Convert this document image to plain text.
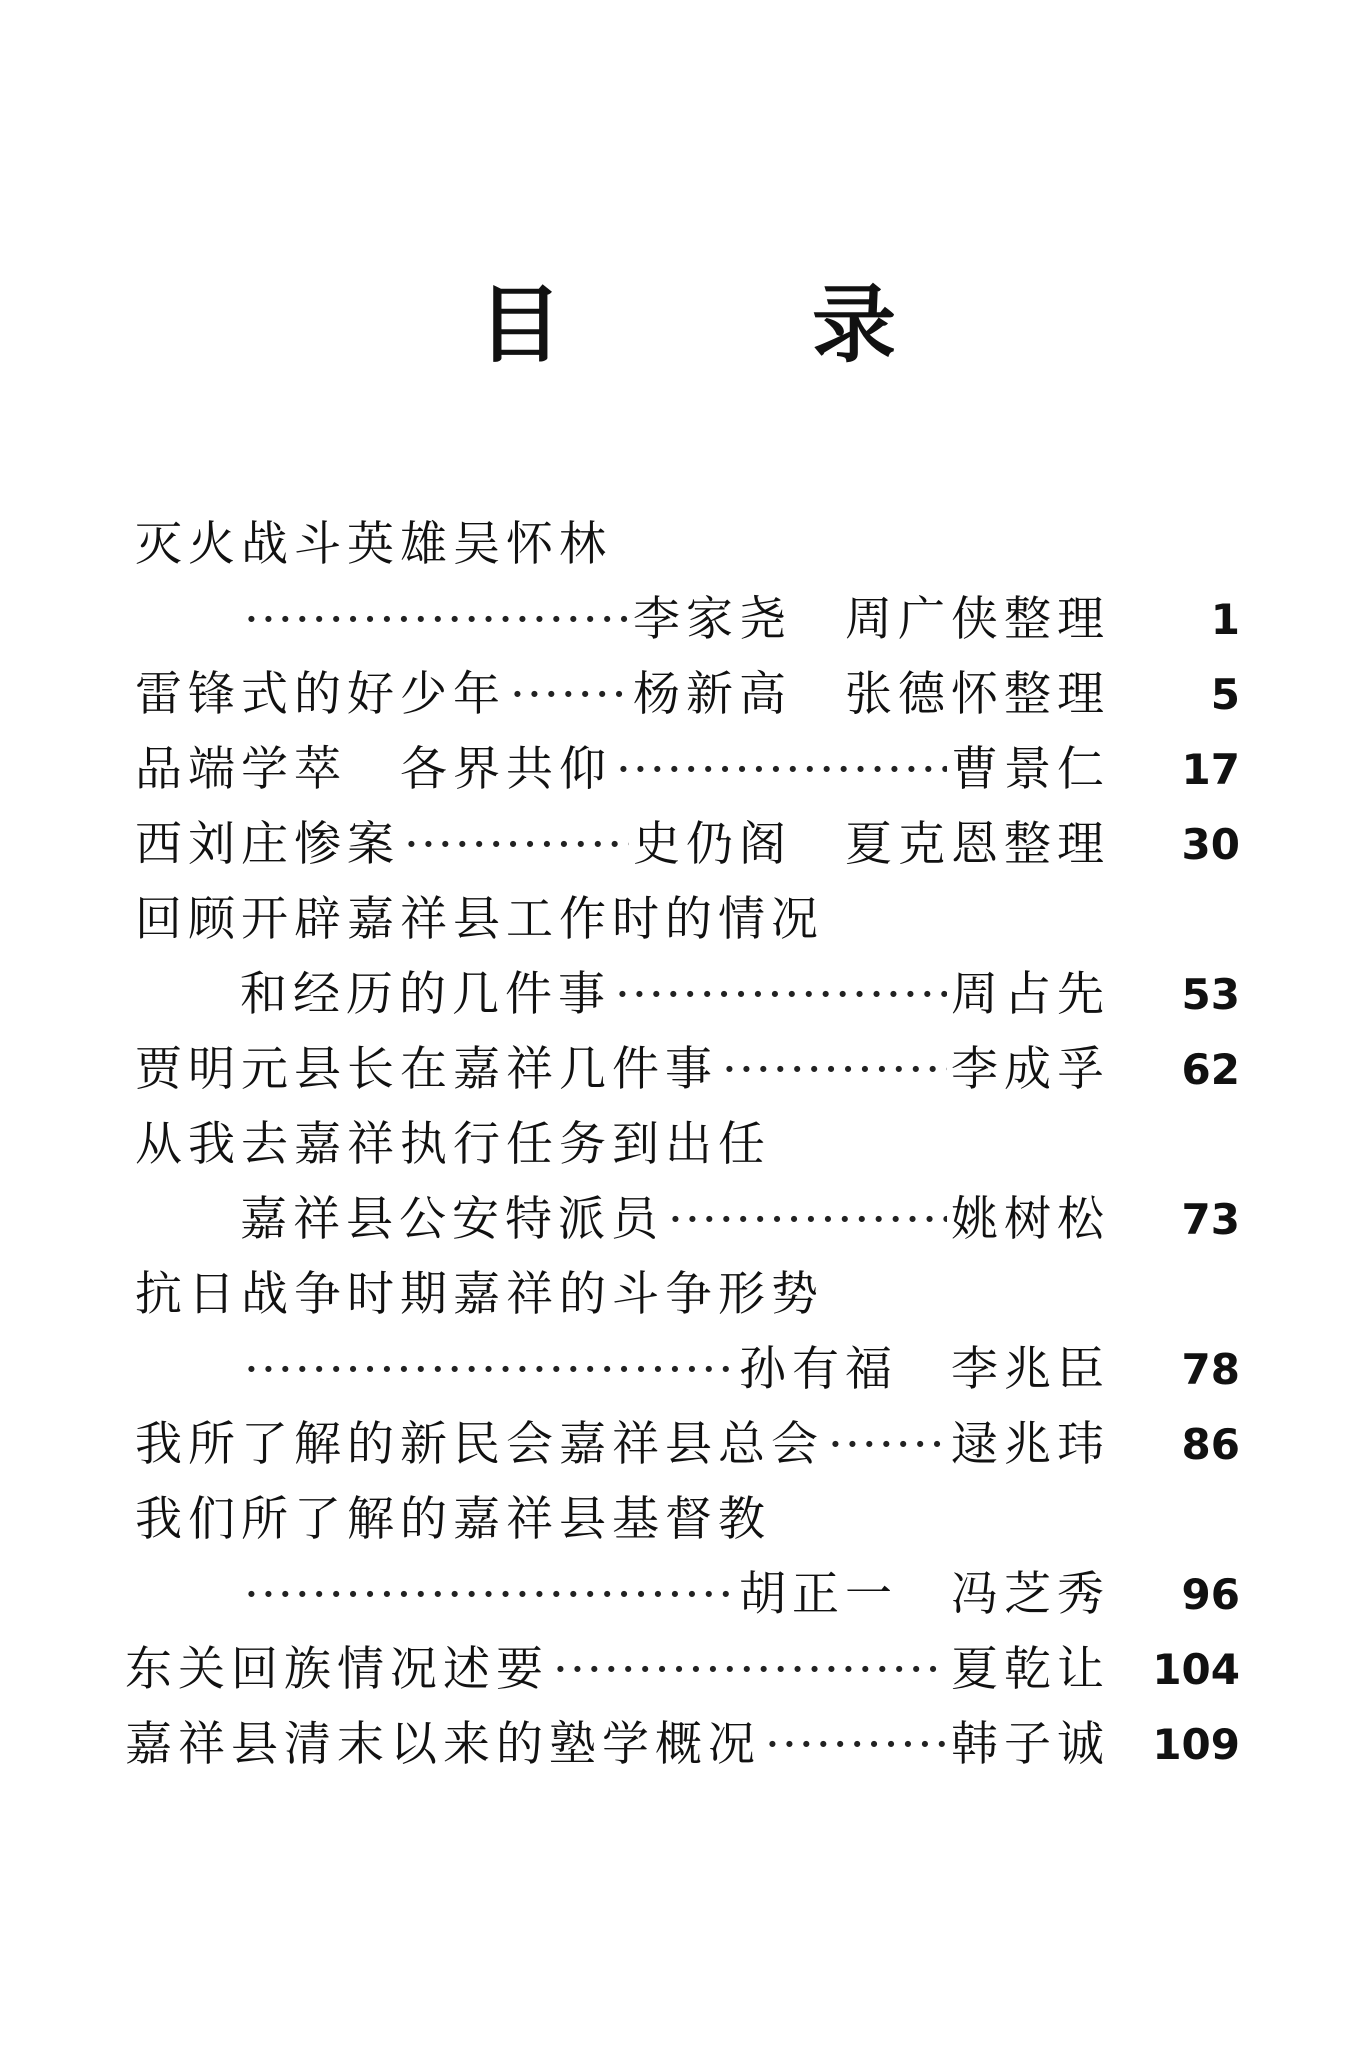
目	录
灭火战斗英雄吴怀林
·····
李家尧　周广侠整理	1
雷锋式的好少年 ·····	杨新高　张德怀整理	5
品端学萃　各界共仰 ·····	曹景仁	17
西刘庄惨案 ·····	史仍阁　夏克恩整理	30
回顾开辟嘉祥县工作时的情况
和经历的几件事 ·····	周占先	53
贾明元县长在嘉祥几件事 ·····	李成孚	62
从我去嘉祥执行任务到出任
嘉祥县公安特派员 ·····	姚树松	73
抗日战争时期嘉祥的斗争形势
·····
孙有福　李兆臣	78
我所了解的新民会嘉祥县总会 ·····	逯兆玮	86
我们所了解的嘉祥县基督教
·····
胡正一　冯芝秀	96
东关回族情况述要 ·····	夏乾让	104
嘉祥县清末以来的塾学概况 ·····	韩子诚	109
